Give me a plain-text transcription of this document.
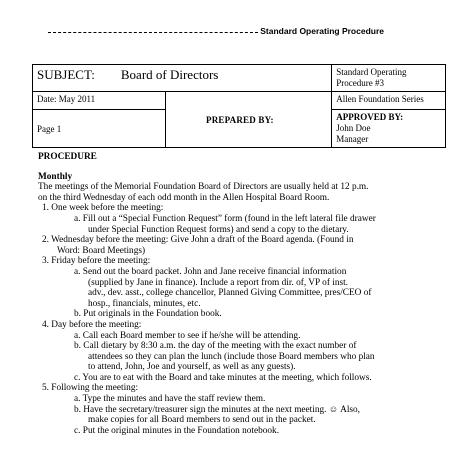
Standard Operating Procedure
SUBJECT: Board of Directors		Standard Operating
Procedure #3

Date: May 2011	PREPARED BY:	Allen Foundation Series
Page 1		APPROVED BY:
John Doe
Manager
PROCEDURE
Monthly
The meetings of the Memorial Foundation Board of Directors are usually held at 12 p.m.
on the third Wednesday of each odd month in the Allen Hospital Board Room.
1. One week before the meeting:
a. Fill out a “Special Function Request” form (found in the left lateral file drawer
under Special Function Request forms) and send a copy to the dietary.
2. Wednesday before the meeting: Give John a draft of the Board agenda. (Found in
Word: Board Meetings)
3. Friday before the meeting:
a. Send out the board packet. John and Jane receive financial information
(supplied by Jane in finance). Include a report from dir. of, VP of inst.
adv., dev. asst., college chancellor, Planned Giving Committee, pres/CEO of
hosp., financials, minutes, etc.
b. Put originals in the Foundation book.
4. Day before the meeting:
a. Call each Board member to see if he/she will be attending.
b. Call dietary by 8:30 a.m. the day of the meeting with the exact number of
attendees so they can plan the lunch (include those Board members who plan
to attend, John, Joe and yourself, as well as any guests).
c. You are to eat with the Board and take minutes at the meeting, which follows.
5. Following the meeting:
a. Type the minutes and have the staff review them.
b. Have the secretary/treasurer sign the minutes at the next meeting. ☺ Also,
make copies for all Board members to send out in the packet.
c. Put the original minutes in the Foundation notebook.
